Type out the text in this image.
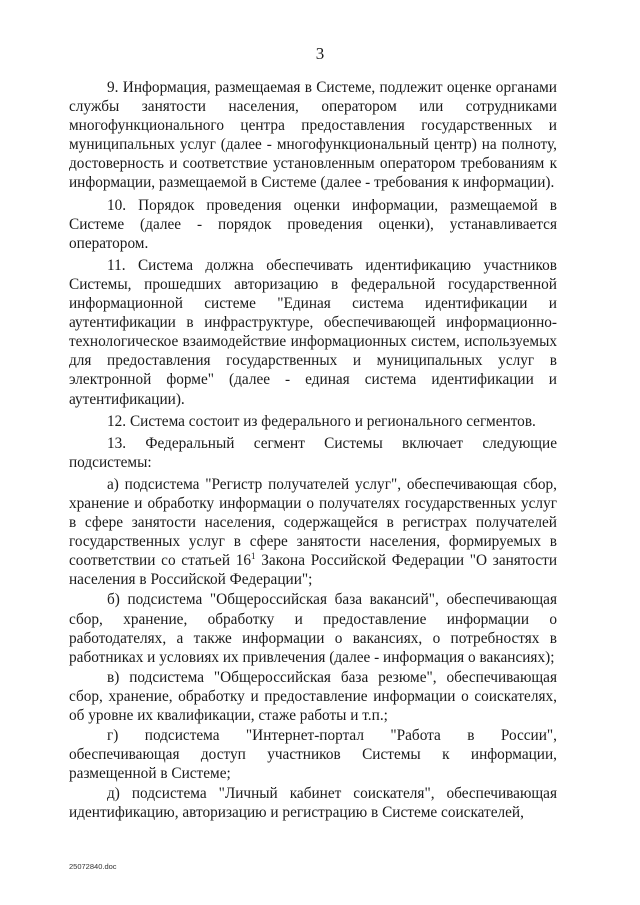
3

9. Информация, размещаемая в Системе, подлежит оценке органами службы занятости населения, оператором или сотрудниками многофункционального центра предоставления государственных и муниципальных услуг (далее - многофункциональный центр) на полноту, достоверность и соответствие установленным оператором требованиям к информации, размещаемой в Системе (далее - требования к информации).

10. Порядок проведения оценки информации, размещаемой в Системе (далее - порядок проведения оценки), устанавливается оператором.

11. Система должна обеспечивать идентификацию участников Системы, прошедших авторизацию в федеральной государственной информационной системе "Единая система идентификации и аутентификации в инфраструктуре, обеспечивающей информационно-технологическое взаимодействие информационных систем, используемых для предоставления государственных и муниципальных услуг в электронной форме" (далее - единая система идентификации и аутентификации).

12. Система состоит из федерального и регионального сегментов.

13. Федеральный сегмент Системы включает следующие подсистемы:

а) подсистема "Регистр получателей услуг", обеспечивающая сбор, хранение и обработку информации о получателях государственных услуг в сфере занятости населения, содержащейся в регистрах получателей государственных услуг в сфере занятости населения, формируемых в соответствии со статьей $16^1$ Закона Российской Федерации "О занятости населения в Российской Федерации";

б) подсистема "Общероссийская база вакансий", обеспечивающая сбор, хранение, обработку и предоставление информации о работодателях, а также информации о вакансиях, о потребностях в работниках и условиях их привлечения (далее - информация о вакансиях);

в) подсистема "Общероссийская база резюме", обеспечивающая сбор, хранение, обработку и предоставление информации о соискателях, об уровне их квалификации, стаже работы и т.п.;

г) подсистема "Интернет-портал "Работа в России", обеспечивающая доступ участников Системы к информации, размещенной в Системе;

д) подсистема "Личный кабинет соискателя", обеспечивающая идентификацию, авторизацию и регистрацию в Системе соискателей,

25072840.doc
